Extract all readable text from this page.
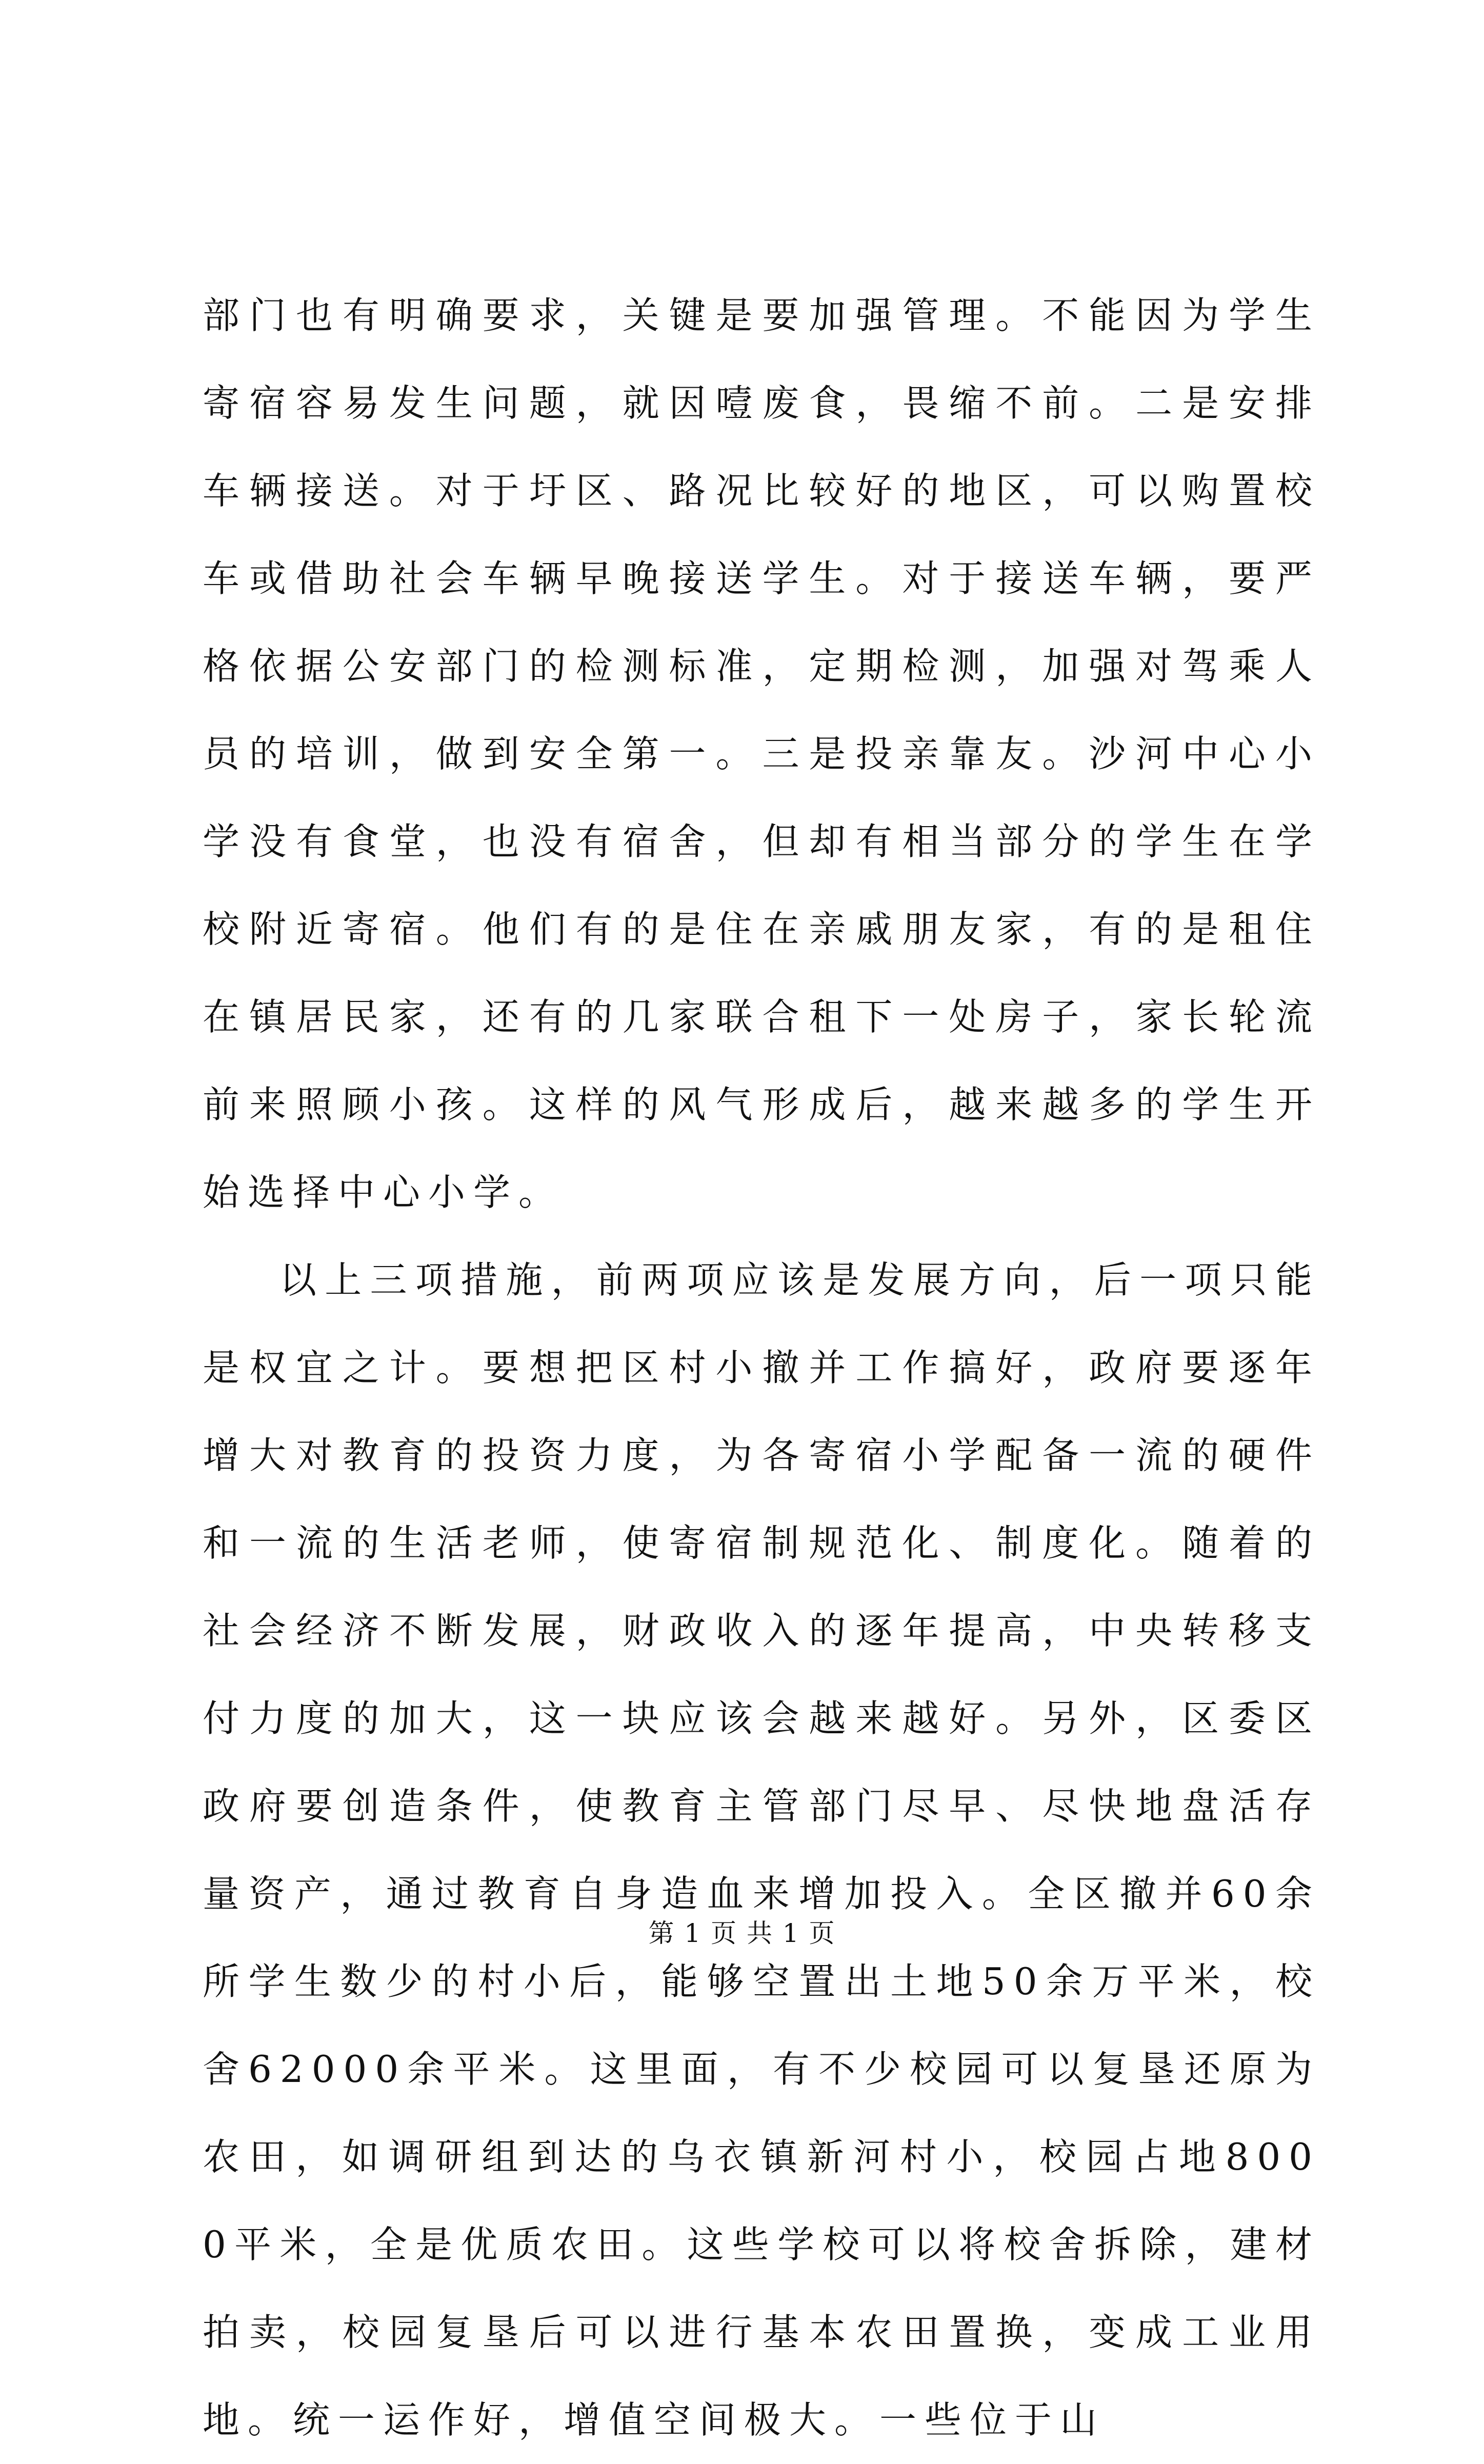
部门也有明确要求，关键是要加强管理。不能因为学生寄宿容易发生问题，就因噎废食，畏缩不前。二是安排车辆接送。对于圩区、路况比较好的地区，可以购置校车或借助社会车辆早晚接送学生。对于接送车辆，要严格依据公安部门的检测标准，定期检测，加强对驾乘人员的培训，做到安全第一。三是投亲靠友。沙河中心小学没有食堂，也没有宿舍，但却有相当部分的学生在学校附近寄宿。他们有的是住在亲戚朋友家，有的是租住在镇居民家，还有的几家联合租下一处房子，家长轮流前来照顾小孩。这样的风气形成后，越来越多的学生开始选择中心小学。

以上三项措施，前两项应该是发展方向，后一项只能是权宜之计。要想把区村小撤并工作搞好，政府要逐年增大对教育的投资力度，为各寄宿小学配备一流的硬件和一流的生活老师，使寄宿制规范化、制度化。随着的社会经济不断发展，财政收入的逐年提高，中央转移支付力度的加大，这一块应该会越来越好。另外，区委区政府要创造条件，使教育主管部门尽早、尽快地盘活存量资产，通过教育自身造血来增加投入。全区撤并60余所学生数少的村小后，能够空置出土地50余万平米，校舍62000余平米。这里面，有不少校园可以复垦还原为农田，如调研组到达的乌衣镇新河村小，校园占地8000平米，全是优质农田。这些学校可以将校舍拆除，建材拍卖，校园复垦后可以进行基本农田置换，变成工业用地。统一运作好，增值空间极大。一些位于山

第 1 页 共 1 页
